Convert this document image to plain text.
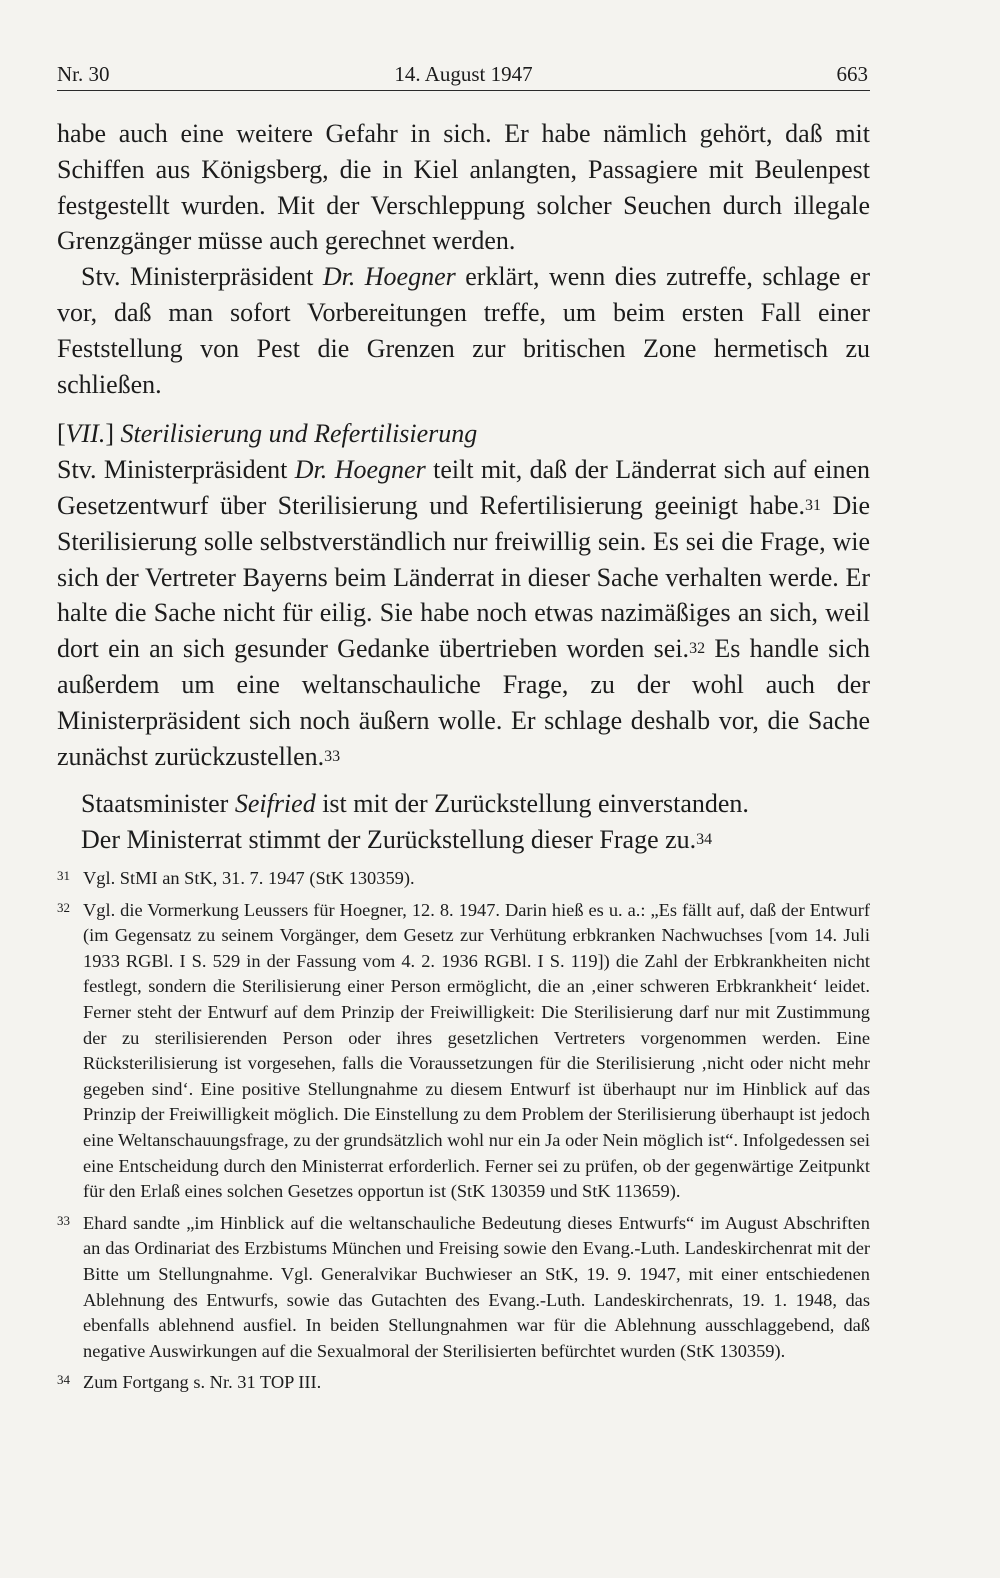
Nr. 30	14. August 1947	663

habe auch eine weitere Gefahr in sich. Er habe nämlich gehört, daß mit Schiffen aus Königsberg, die in Kiel anlangten, Passagiere mit Beulenpest festgestellt wurden. Mit der Verschleppung solcher Seuchen durch illegale Grenzgänger müsse auch gerechnet werden.

Stv. Ministerpräsident Dr. Hoegner erklärt, wenn dies zutreffe, schlage er vor, daß man sofort Vorbereitungen treffe, um beim ersten Fall einer Feststellung von Pest die Grenzen zur britischen Zone hermetisch zu schließen.

[VII.] Sterilisierung und Refertilisierung

Stv. Ministerpräsident Dr. Hoegner teilt mit, daß der Länderrat sich auf einen Gesetzentwurf über Sterilisierung und Refertilisierung geeinigt habe.$^{31}$ Die Sterilisierung solle selbstverständlich nur freiwillig sein. Es sei die Frage, wie sich der Vertreter Bayerns beim Länderrat in dieser Sache verhalten werde. Er halte die Sache nicht für eilig. Sie habe noch etwas nazimäßiges an sich, weil dort ein an sich gesunder Gedanke übertrieben worden sei.$^{32}$ Es handle sich außerdem um eine weltanschauliche Frage, zu der wohl auch der Ministerpräsident sich noch äußern wolle. Er schlage deshalb vor, die Sache zunächst zurückzustellen.$^{33}$

Staatsminister Seifried ist mit der Zurückstellung einverstanden.

Der Ministerrat stimmt der Zurückstellung dieser Frage zu.$^{34}$

31 Vgl. StMI an StK, 31. 7. 1947 (StK 130359).
32 Vgl. die Vormerkung Leussers für Hoegner, 12. 8. 1947. Darin hieß es u. a.: „Es fällt auf, daß der Entwurf (im Gegensatz zu seinem Vorgänger, dem Gesetz zur Verhütung erbkranken Nachwuchses [vom 14. Juli 1933 RGBl. I S. 529 in der Fassung vom 4. 2. 1936 RGBl. I S. 119]) die Zahl der Erbkrankheiten nicht festlegt, sondern die Sterilisierung einer Person ermöglicht, die an ‚einer schweren Erbkrankheit‘ leidet. Ferner steht der Entwurf auf dem Prinzip der Freiwilligkeit: Die Sterilisierung darf nur mit Zustimmung der zu sterilisierenden Person oder ihres gesetzlichen Vertreters vorgenommen werden. Eine Rücksterilisierung ist vorgesehen, falls die Voraussetzungen für die Sterilisierung ‚nicht oder nicht mehr gegeben sind‘. Eine positive Stellungnahme zu diesem Entwurf ist überhaupt nur im Hinblick auf das Prinzip der Freiwilligkeit möglich. Die Einstellung zu dem Problem der Sterilisierung überhaupt ist jedoch eine Weltanschauungsfrage, zu der grundsätzlich wohl nur ein Ja oder Nein möglich ist“. Infolgedessen sei eine Entscheidung durch den Ministerrat erforderlich. Ferner sei zu prüfen, ob der gegenwärtige Zeitpunkt für den Erlaß eines solchen Gesetzes opportun ist (StK 130359 und StK 113659).
33 Ehard sandte „im Hinblick auf die weltanschauliche Bedeutung dieses Entwurfs“ im August Abschriften an das Ordinariat des Erzbistums München und Freising sowie den Evang.-Luth. Landeskirchenrat mit der Bitte um Stellungnahme. Vgl. Generalvikar Buchwieser an StK, 19. 9. 1947, mit einer entschiedenen Ablehnung des Entwurfs, sowie das Gutachten des Evang.-Luth. Landeskirchenrats, 19. 1. 1948, das ebenfalls ablehnend ausfiel. In beiden Stellungnahmen war für die Ablehnung ausschlaggebend, daß negative Auswirkungen auf die Sexualmoral der Sterilisierten befürchtet wurden (StK 130359).
34 Zum Fortgang s. Nr. 31 TOP III.
